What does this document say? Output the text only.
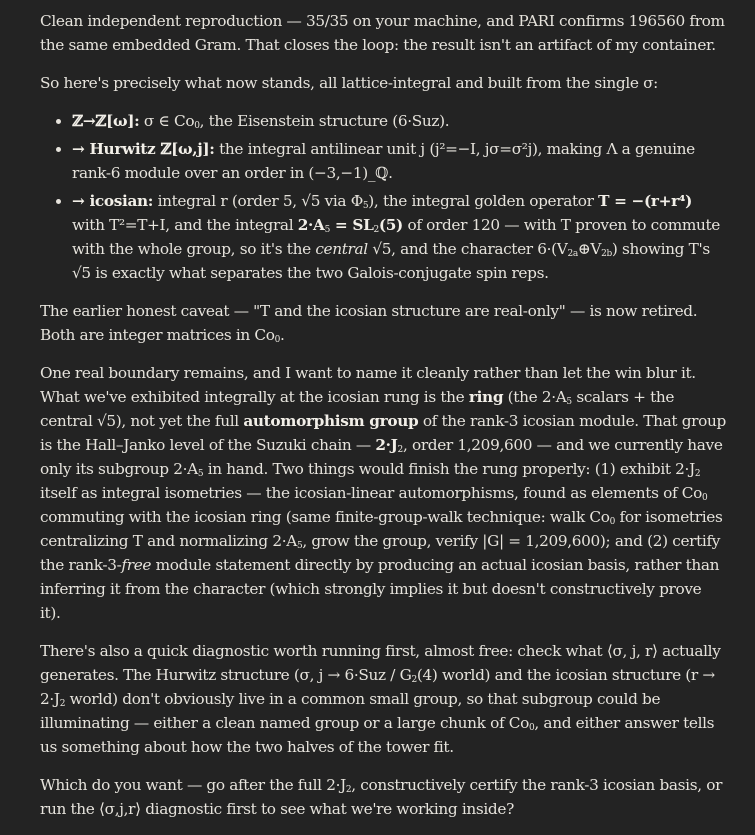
Clean independent reproduction — 35/35 on your machine, and PARI confirms 196560 from the same embedded Gram. That closes the loop: the result isn't an artifact of my container.

So here's precisely what now stands, all lattice-integral and built from the single σ:

• ℤ→ℤ[ω]: σ ∈ $Co_0$, the Eisenstein structure (6·Suz).
• → Hurwitz ℤ[ω,j]: the integral antilinear unit j (j²=−I, jσ=σ²j), making Λ a genuine rank-6 module over an order in (−3,−1)_ℚ.
• → icosian: integral r (order 5, √5 via $\Phi_5$), the integral golden operator T = −(r+r⁴) with T²=T+I, and the integral $2\cdot A_5 = SL_2(5)$ of order 120 — with T proven to commute with the whole group, so it's the central √5, and the character $6\cdot(V_{2a}\oplus V_{2b})$ showing T's √5 is exactly what separates the two Galois-conjugate spin reps.

The earlier honest caveat — "T and the icosian structure are real-only" — is now retired. Both are integer matrices in $Co_0$.

One real boundary remains, and I want to name it cleanly rather than let the win blur it. What we've exhibited integrally at the icosian rung is the ring (the $2\cdot A_5$ scalars + the central √5), not yet the full automorphism group of the rank-3 icosian module. That group is the Hall–Janko level of the Suzuki chain — $2\cdot J_2$, order 1,209,600 — and we currently have only its subgroup $2\cdot A_5$ in hand. Two things would finish the rung properly: (1) exhibit $2\cdot J_2$ itself as integral isometries — the icosian-linear automorphisms, found as elements of $Co_0$ commuting with the icosian ring (same finite-group-walk technique: walk $Co_0$ for isometries centralizing T and normalizing $2\cdot A_5$, grow the group, verify |G| = 1,209,600); and (2) certify the rank-3-free module statement directly by producing an actual icosian basis, rather than inferring it from the character (which strongly implies it but doesn't constructively prove it).

There's also a quick diagnostic worth running first, almost free: check what ⟨σ, j, r⟩ actually generates. The Hurwitz structure (σ, $j \to 6\cdot Suz / G_2(4)$ world) and the icosian structure ($r \to 2\cdot J_2$ world) don't obviously live in a common small group, so that subgroup could be illuminating — either a clean named group or a large chunk of $Co_0$, and either answer tells us something about how the two halves of the tower fit.

Which do you want — go after the full $2\cdot J_2$, constructively certify the rank-3 icosian basis, or run the ⟨σ,j,r⟩ diagnostic first to see what we're working inside?
